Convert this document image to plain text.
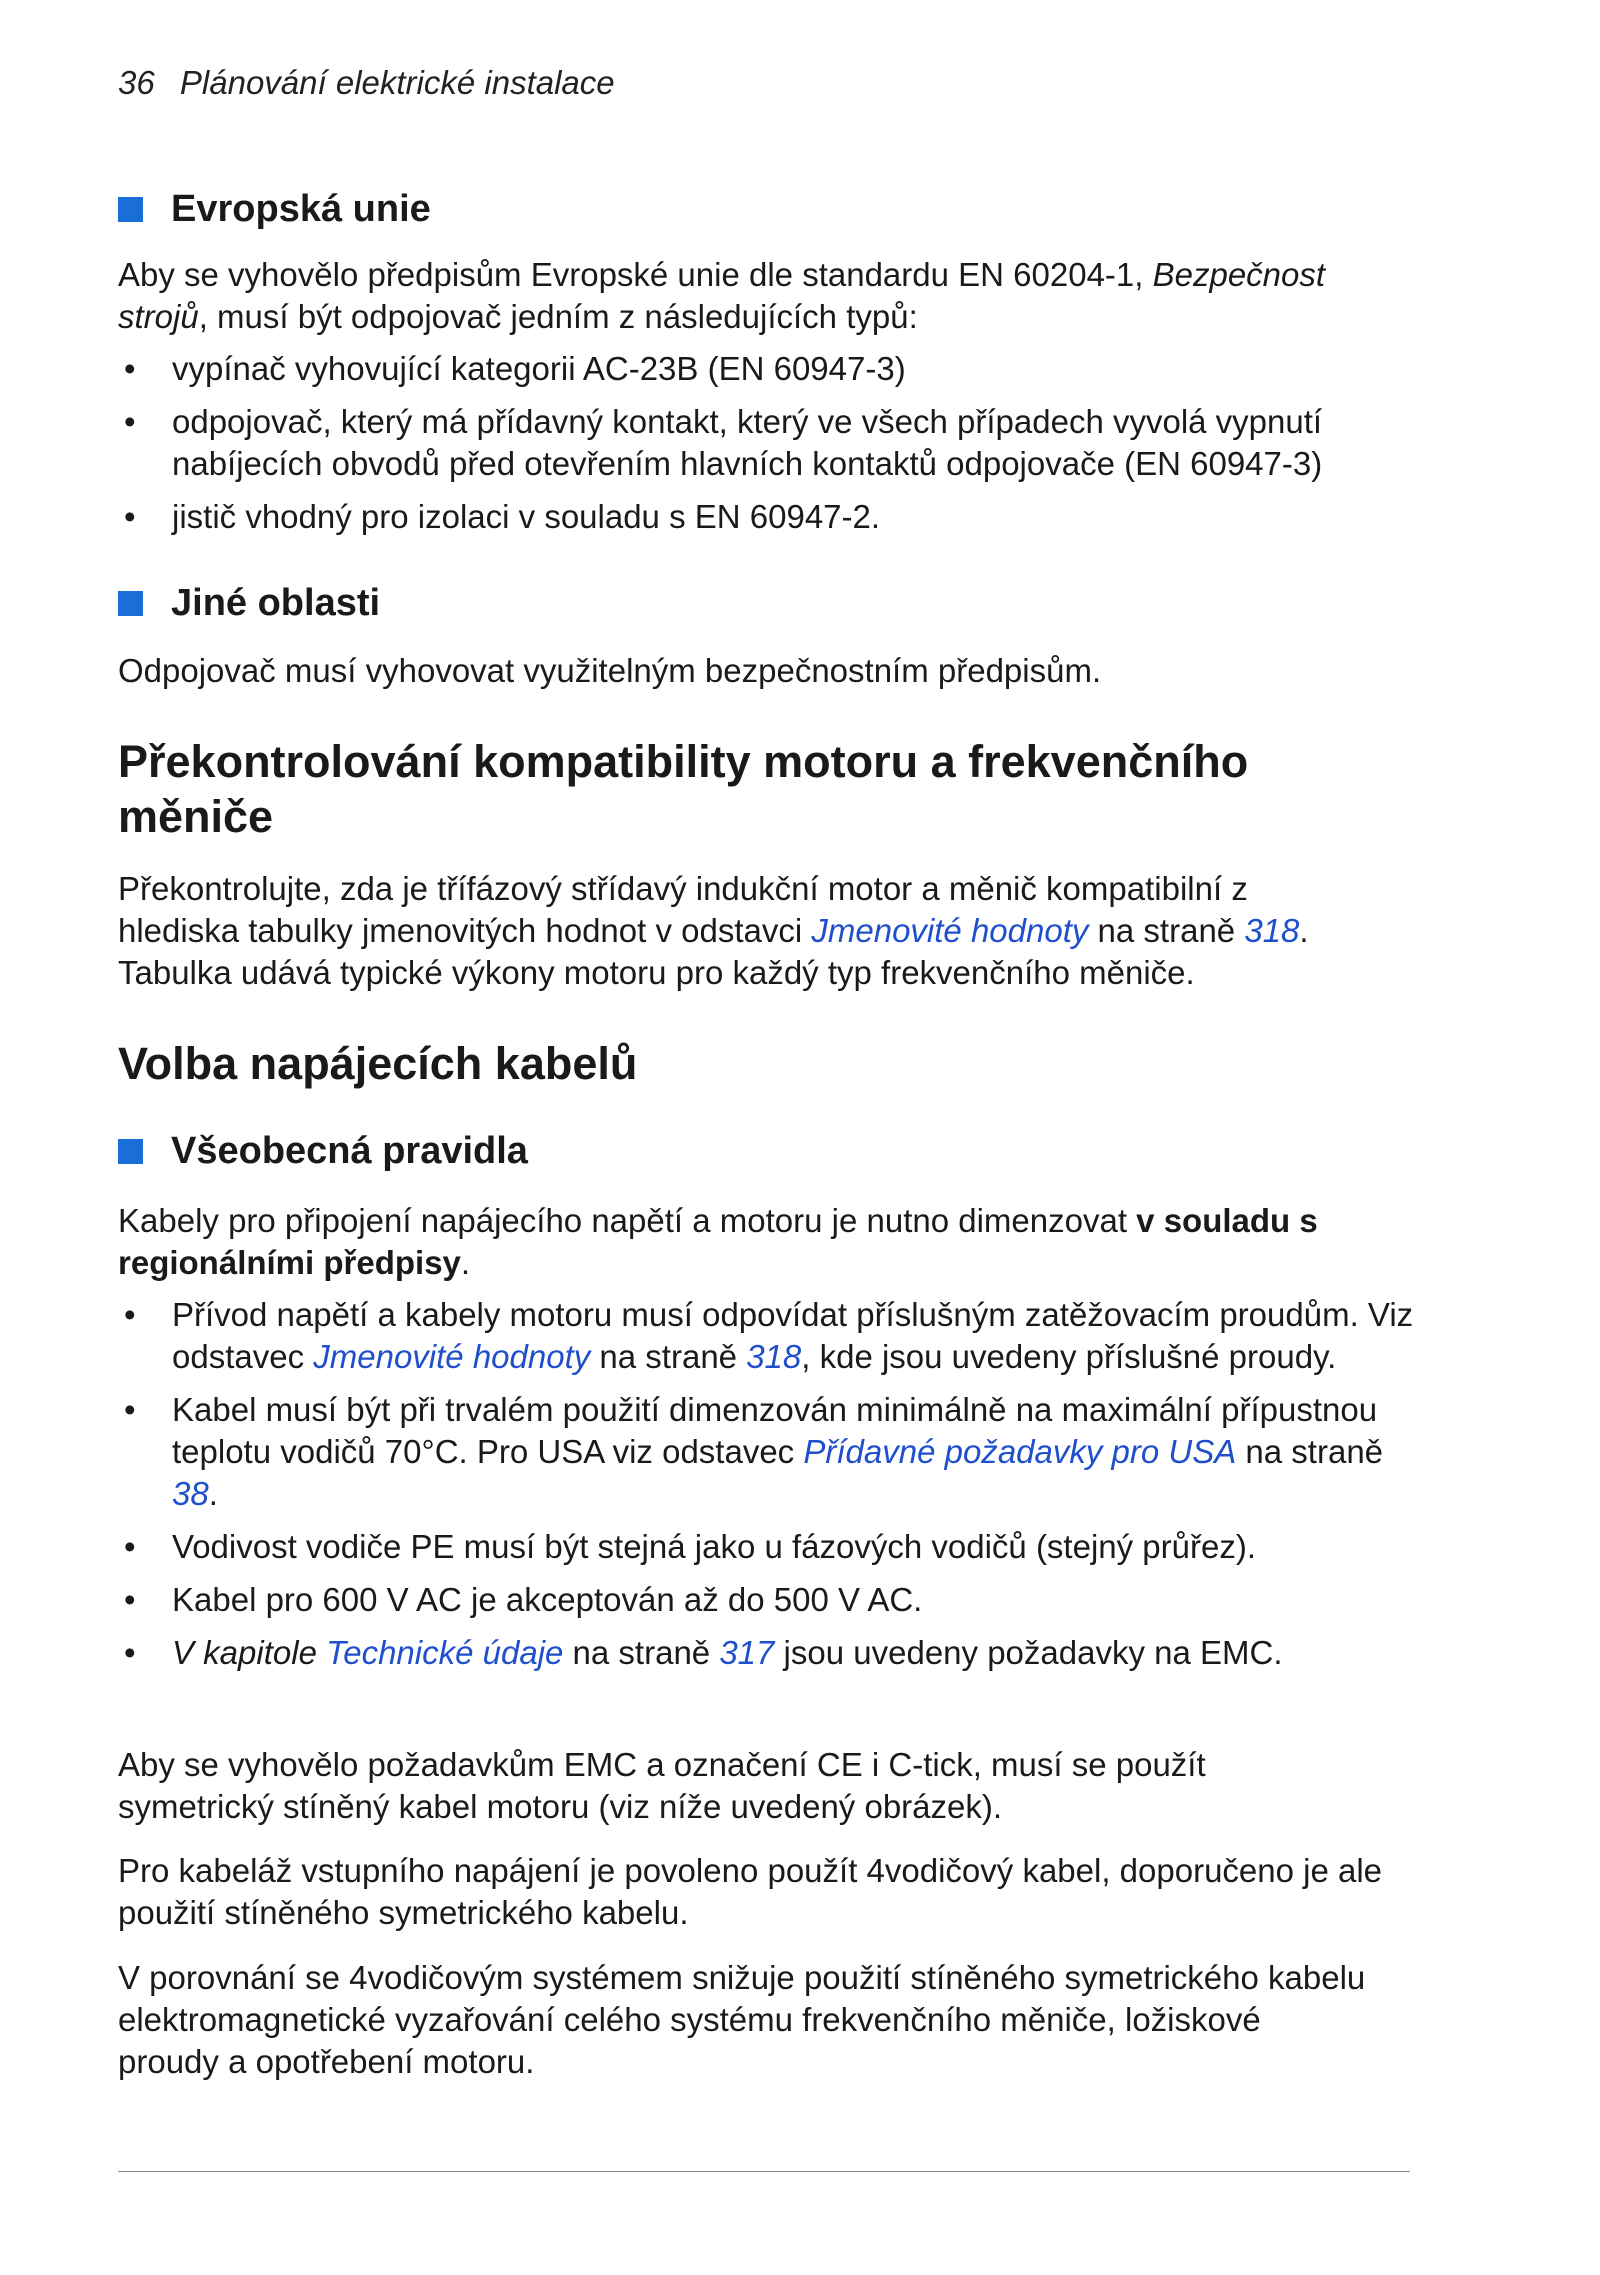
36 Plánování elektrické instalace
Evropská unie
Aby se vyhovělo předpisům Evropské unie dle standardu EN 60204-1, Bezpečnost strojů, musí být odpojovač jedním z následujících typů:
• vypínač vyhovující kategorii AC-23B (EN 60947-3)
• odpojovač, který má přídavný kontakt, který ve všech případech vyvolá vypnutí nabíjecích obvodů před otevřením hlavních kontaktů odpojovače (EN 60947-3)
• jistič vhodný pro izolaci v souladu s EN 60947-2.
Jiné oblasti
Odpojovač musí vyhovovat využitelným bezpečnostním předpisům.
Překontrolování kompatibility motoru a frekvenčního měniče
Překontrolujte, zda je třífázový střídavý indukční motor a měnič kompatibilní z hlediska tabulky jmenovitých hodnot v odstavci Jmenovité hodnoty na straně 318. Tabulka udává typické výkony motoru pro každý typ frekvenčního měniče.
Volba napájecích kabelů
Všeobecná pravidla
Kabely pro připojení napájecího napětí a motoru je nutno dimenzovat v souladu s regionálními předpisy.
• Přívod napětí a kabely motoru musí odpovídat příslušným zatěžovacím proudům. Viz odstavec Jmenovité hodnoty na straně 318, kde jsou uvedeny příslušné proudy.
• Kabel musí být při trvalém použití dimenzován minimálně na maximální přípustnou teplotu vodičů 70°C. Pro USA viz odstavec Přídavné požadavky pro USA na straně 38.
• Vodivost vodiče PE musí být stejná jako u fázových vodičů (stejný průřez).
• Kabel pro 600 V AC je akceptován až do 500 V AC.
• V kapitole Technické údaje na straně 317 jsou uvedeny požadavky na EMC.
Aby se vyhovělo požadavkům EMC a označení CE i C-tick, musí se použít symetrický stíněný kabel motoru (viz níže uvedený obrázek).
Pro kabeláž vstupního napájení je povoleno použít 4vodičový kabel, doporučeno je ale použití stíněného symetrického kabelu.
V porovnání se 4vodičovým systémem snižuje použití stíněného symetrického kabelu elektromagnetické vyzařování celého systému frekvenčního měniče, ložiskové proudy a opotřebení motoru.
